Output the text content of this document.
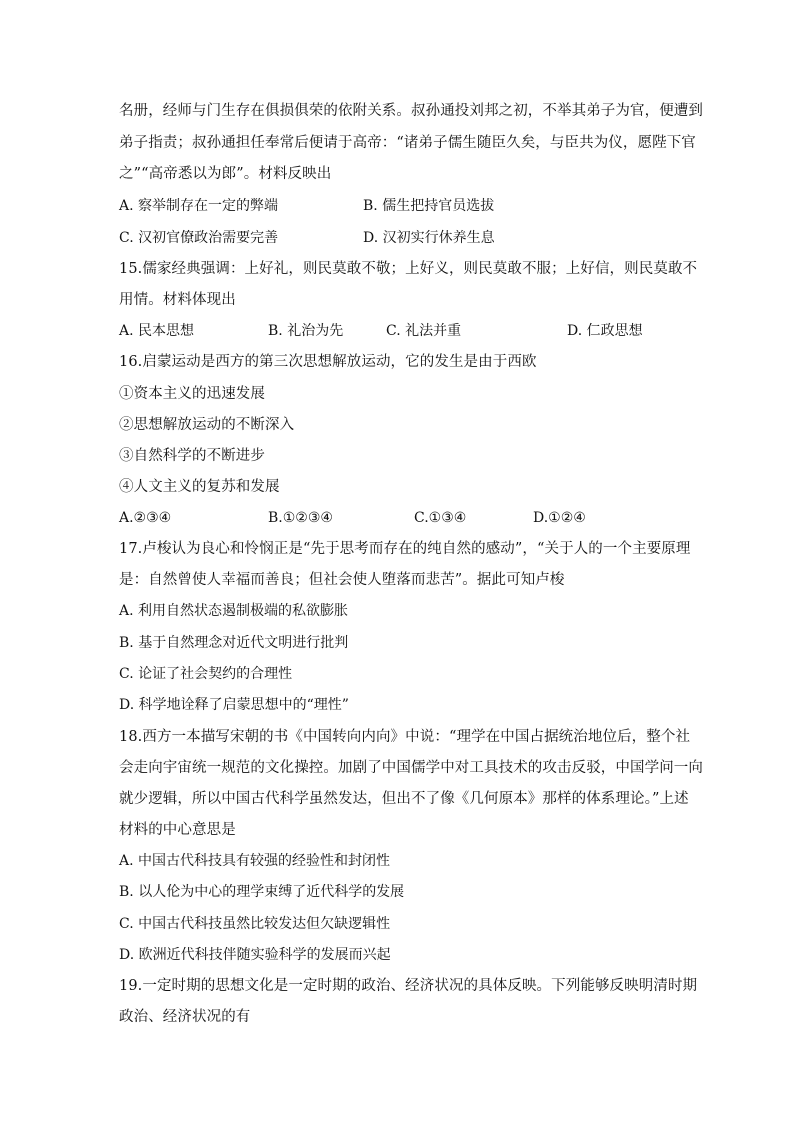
名册，经师与门生存在俱损俱荣的依附关系。叔孙通投刘邦之初，不举其弟子为官，便遭到
弟子指责；叔孙通担任奉常后便请于高帝：“诸弟子儒生随臣久矣，与臣共为仪，愿陛下官
之”“高帝悉以为郎”。材料反映出
A. 察举制存在一定的弊端	B. 儒生把持官员选拔
C. 汉初官僚政治需要完善	D. 汉初实行休养生息
15.儒家经典强调：上好礼，则民莫敢不敬；上好义，则民莫敢不服；上好信，则民莫敢不
用情。材料体现出
A. 民本思想	B. 礼治为先	C. 礼法并重	D. 仁政思想
16.启蒙运动是西方的第三次思想解放运动，它的发生是由于西欧
①资本主义的迅速发展
②思想解放运动的不断深入
③自然科学的不断进步
④人文主义的复苏和发展
A.②③④	B.①②③④	C.①③④	D.①②④
17.卢梭认为良心和怜悯正是“先于思考而存在的纯自然的感动”，“关于人的一个主要原理
是：自然曾使人幸福而善良；但社会使人堕落而悲苦”。据此可知卢梭
A. 利用自然状态遏制极端的私欲膨胀
B. 基于自然理念对近代文明进行批判
C. 论证了社会契约的合理性
D. 科学地诠释了启蒙思想中的“理性”
18.西方一本描写宋朝的书《中国转向内向》中说：“理学在中国占据统治地位后，整个社
会走向宇宙统一规范的文化操控。加剧了中国儒学中对工具技术的攻击反驳，中国学问一向
就少逻辑，所以中国古代科学虽然发达，但出不了像《几何原本》那样的体系理论。”上述
材料的中心意思是
A. 中国古代科技具有较强的经验性和封闭性
B. 以人伦为中心的理学束缚了近代科学的发展
C. 中国古代科技虽然比较发达但欠缺逻辑性
D. 欧洲近代科技伴随实验科学的发展而兴起
19.一定时期的思想文化是一定时期的政治、经济状况的具体反映。下列能够反映明清时期
政治、经济状况的有
